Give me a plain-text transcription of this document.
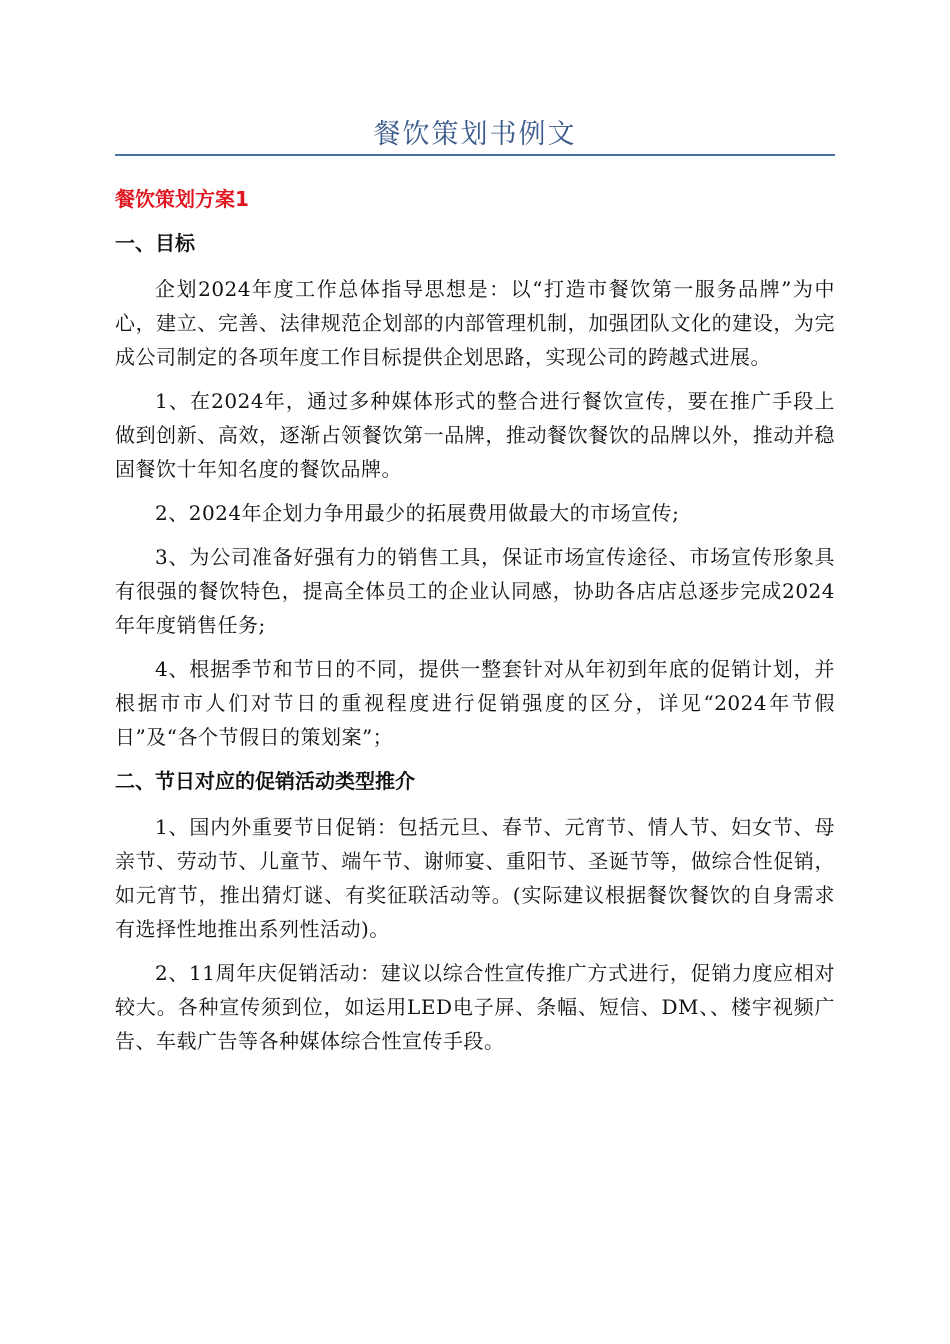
餐饮策划书例文
餐饮策划方案1
一、目标

企划2024年度工作总体指导思想是：以“打造市餐饮第一服务品牌”为中心，建立、完善、法律规范企划部的内部管理机制，加强团队文化的建设，为完成公司制定的各项年度工作目标提供企划思路，实现公司的跨越式进展。

1、在2024年，通过多种媒体形式的整合进行餐饮宣传，要在推广手段上做到创新、高效，逐渐占领餐饮第一品牌，推动餐饮餐饮的品牌以外，推动并稳固餐饮十年知名度的餐饮品牌。

2、2024年企划力争用最少的拓展费用做最大的市场宣传;

3、为公司准备好强有力的销售工具，保证市场宣传途径、市场宣传形象具有很强的餐饮特色，提高全体员工的企业认同感，协助各店店总逐步完成2024年年度销售任务;

4、根据季节和节日的不同，提供一整套针对从年初到年底的促销计划，并根据市市人们对节日的重视程度进行促销强度的区分，详见“2024年节假日”及“各个节假日的策划案”；

二、节日对应的促销活动类型推介

1、国内外重要节日促销：包括元旦、春节、元宵节、情人节、妇女节、母亲节、劳动节、儿童节、端午节、谢师宴、重阳节、圣诞节等，做综合性促销，如元宵节，推出猜灯谜、有奖征联活动等。(实际建议根据餐饮餐饮的自身需求有选择性地推出系列性活动)。

2、11周年庆促销活动：建议以综合性宣传推广方式进行，促销力度应相对较大。各种宣传须到位，如运用LED电子屏、条幅、短信、DM、、楼宇视频广告、车载广告等各种媒体综合性宣传手段。
